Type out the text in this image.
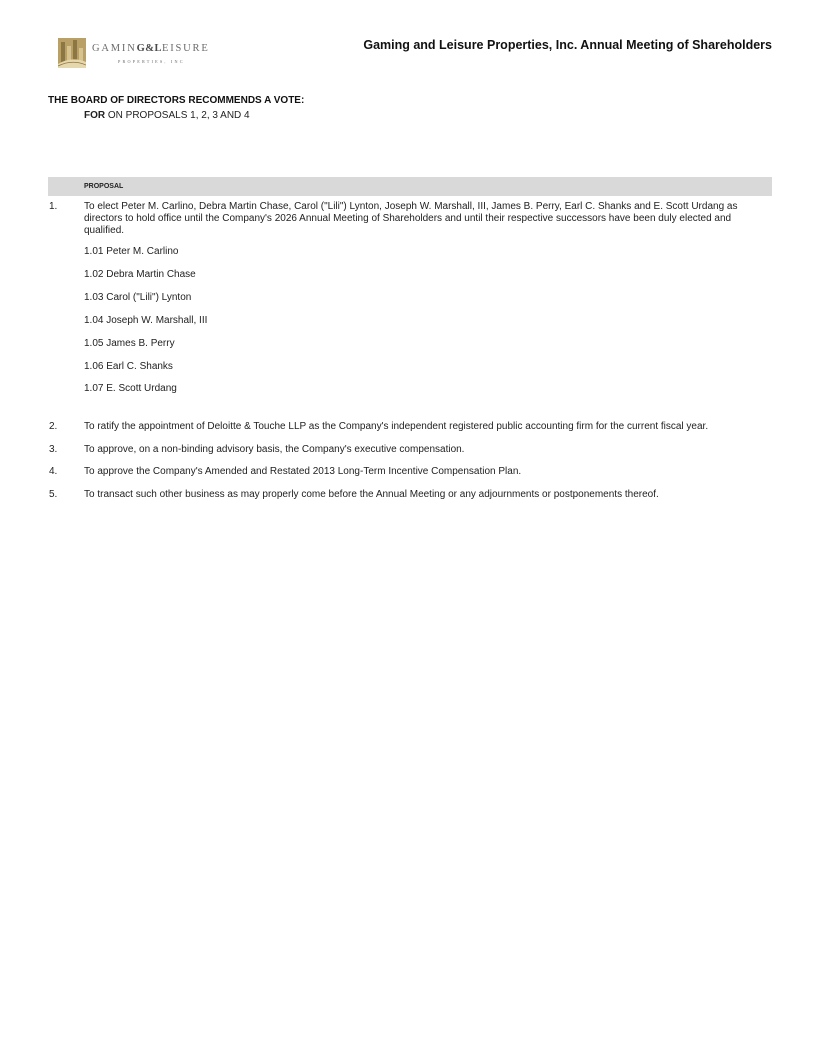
GAMING&LEISURE
PROPERTIES, INC
Gaming and Leisure Properties, Inc. Annual Meeting of Shareholders
THE BOARD OF DIRECTORS RECOMMENDS A VOTE:
FOR ON PROPOSALS 1, 2, 3 AND 4
PROPOSAL
1.	To elect Peter M. Carlino, Debra Martin Chase, Carol ("Lili") Lynton, Joseph W. Marshall, III, James B. Perry, Earl C. Shanks and E. Scott Urdang as directors to hold office until the Company's 2026 Annual Meeting of Shareholders and until their respective successors have been duly elected and qualified.
1.01 Peter M. Carlino
1.02 Debra Martin Chase
1.03 Carol ("Lili") Lynton
1.04 Joseph W. Marshall, III
1.05 James B. Perry
1.06 Earl C. Shanks
1.07 E. Scott Urdang
2.	To ratify the appointment of Deloitte & Touche LLP as the Company's independent registered public accounting firm for the current fiscal year.
3.	To approve, on a non-binding advisory basis, the Company's executive compensation.
4.	To approve the Company's Amended and Restated 2013 Long-Term Incentive Compensation Plan.
5.	To transact such other business as may properly come before the Annual Meeting or any adjournments or postponements thereof.
